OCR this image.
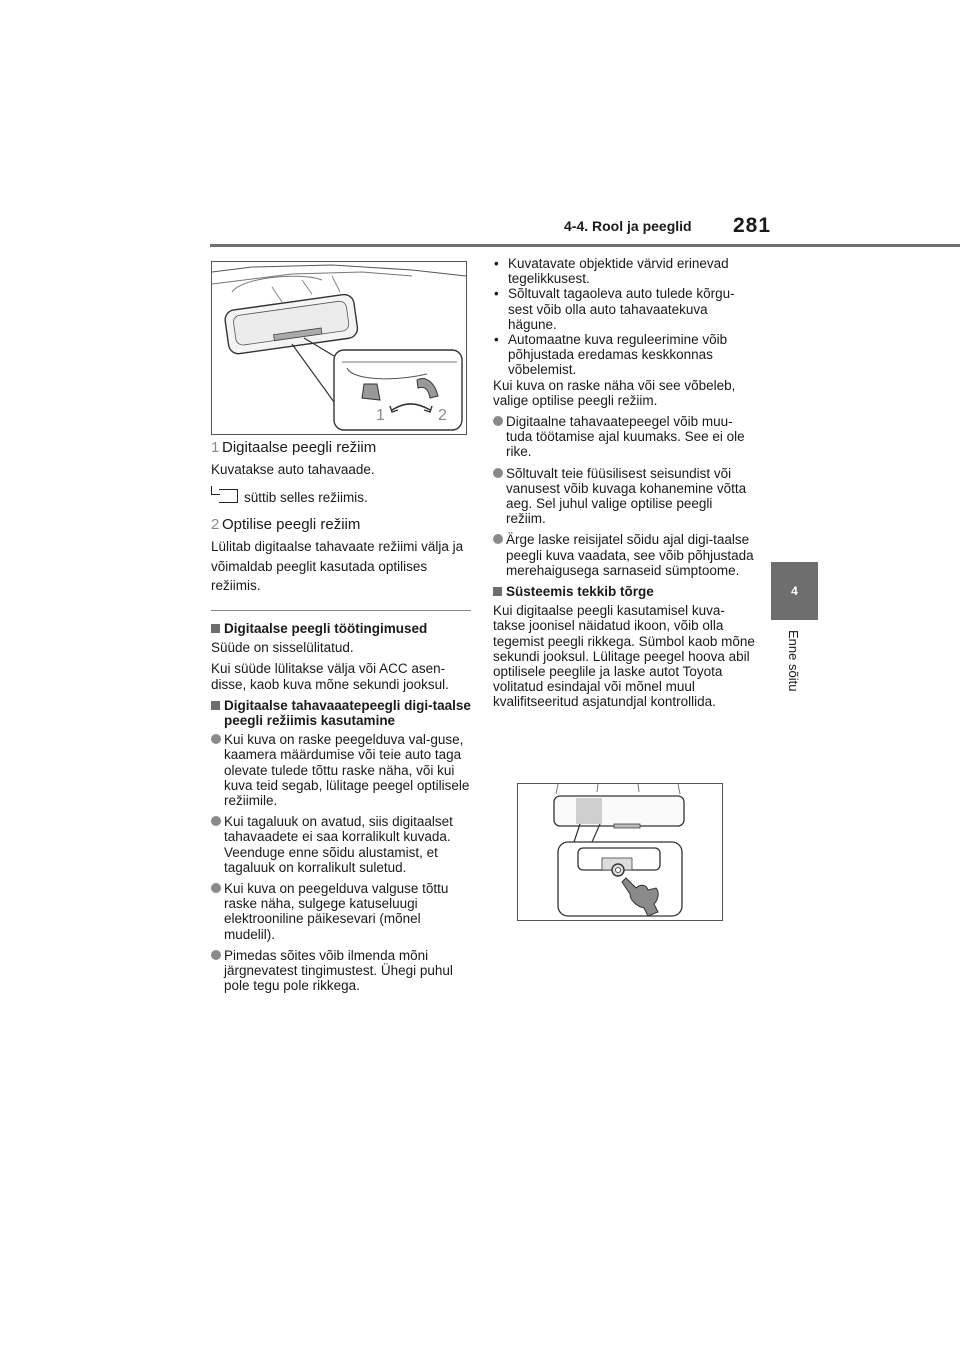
4-4. Rool ja peeglid 281
4
Enne sõitu
1	2
1 Digitaalse peegli režiim
Kuvatakse auto tahavaade.
süttib selles režiimis.
2 Optilise peegli režiim
Lülitab digitaalse tahavaate režiimi välja ja võimaldab peeglit kasutada optilises režiimis.
Digitaalse peegli töötingimused
Süüde on sisselülitatud.
Kui süüde lülitakse välja või ACC asen-disse, kaob kuva mõne sekundi jooksul.
Digitaalse tahavaaatepeegli digi-taalse peegli režiimis kasutamine
Kui kuva on raske peegelduva val-guse, kaamera määrdumise või teie auto taga olevate tulede tõttu raske näha, või kui kuva teid segab, lülitage peegel optilisele režiimile.
Kui tagaluuk on avatud, siis digitaalset tahavaadete ei saa korralikult kuvada. Veenduge enne sõidu alustamist, et tagaluuk on korralikult suletud.
Kui kuva on peegelduva valguse tõttu raske näha, sulgege katuseluugi elektrooniline päikesevari (mõnel mudelil).
Pimedas sõites võib ilmenda mõni järgnevatest tingimustest. Ühegi puhul pole tegu pole rikkega.
• Kuvatavate objektide värvid erinevad tegelikkusest.
• Sõltuvalt tagaoleva auto tulede kõrgu-sest võib olla auto tahavaatekuva hägune.
• Automaatne kuva reguleerimine võib põhjustada eredamas keskkonnas võbelemist.
Kui kuva on raske näha või see võbeleb, valige optilise peegli režiim.
Digitaalne tahavaatepeegel võib muu-tuda töötamise ajal kuumaks. See ei ole rike.
Sõltuvalt teie füüsilisest seisundist või vanusest võib kuvaga kohanemine võtta aeg. Sel juhul valige optilise peegli režiim.
Ärge laske reisijatel sõidu ajal digi-taalse peegli kuva vaadata, see võib põhjustada merehaigusega sarnaseid sümptoome.
Süsteemis tekkib tõrge
Kui digitaalse peegli kasutamisel kuva-takse joonisel näidatud ikoon, võib olla tegemist peegli rikkega. Sümbol kaob mõne sekundi jooksul. Lülitage peegel hoova abil optilisele peeglile ja laske autot Toyota volitatud esindajal või mõnel muul kvalifitseeritud asjatundjal kontrollida.
